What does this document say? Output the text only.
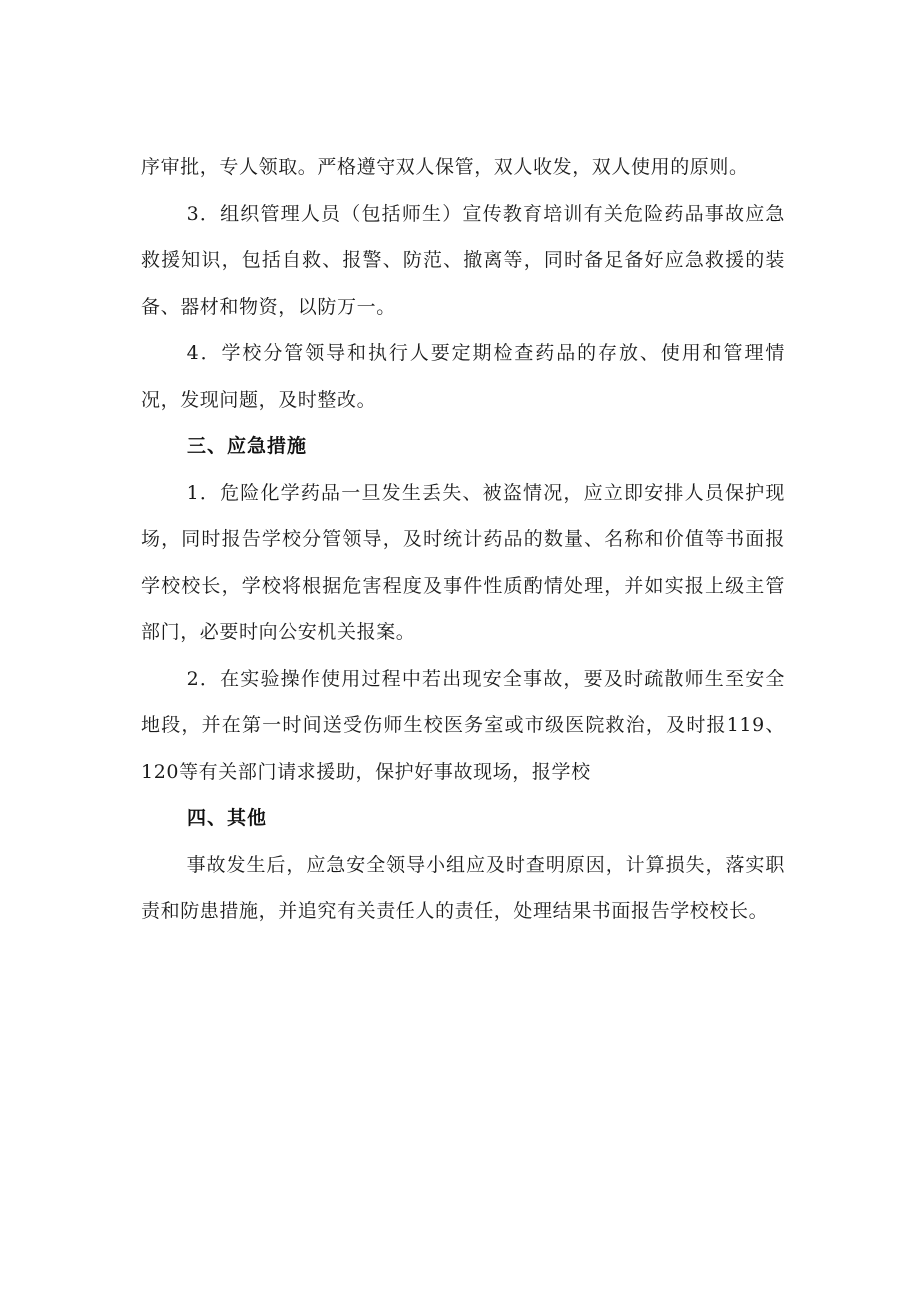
序审批，专人领取。严格遵守双人保管，双人收发，双人使用的原则。

3．组织管理人员（包括师生）宣传教育培训有关危险药品事故应急救援知识，包括自救、报警、防范、撤离等，同时备足备好应急救援的装备、器材和物资，以防万一。

4．学校分管领导和执行人要定期检查药品的存放、使用和管理情况，发现问题，及时整改。

三、应急措施

1．危险化学药品一旦发生丢失、被盗情况，应立即安排人员保护现场，同时报告学校分管领导，及时统计药品的数量、名称和价值等书面报学校校长，学校将根据危害程度及事件性质酌情处理，并如实报上级主管部门，必要时向公安机关报案。

2．在实验操作使用过程中若出现安全事故，要及时疏散师生至安全地段，并在第一时间送受伤师生校医务室或市级医院救治，及时报119、120等有关部门请求援助，保护好事故现场，报学校

四、其他

事故发生后，应急安全领导小组应及时查明原因，计算损失，落实职责和防患措施，并追究有关责任人的责任，处理结果书面报告学校校长。
